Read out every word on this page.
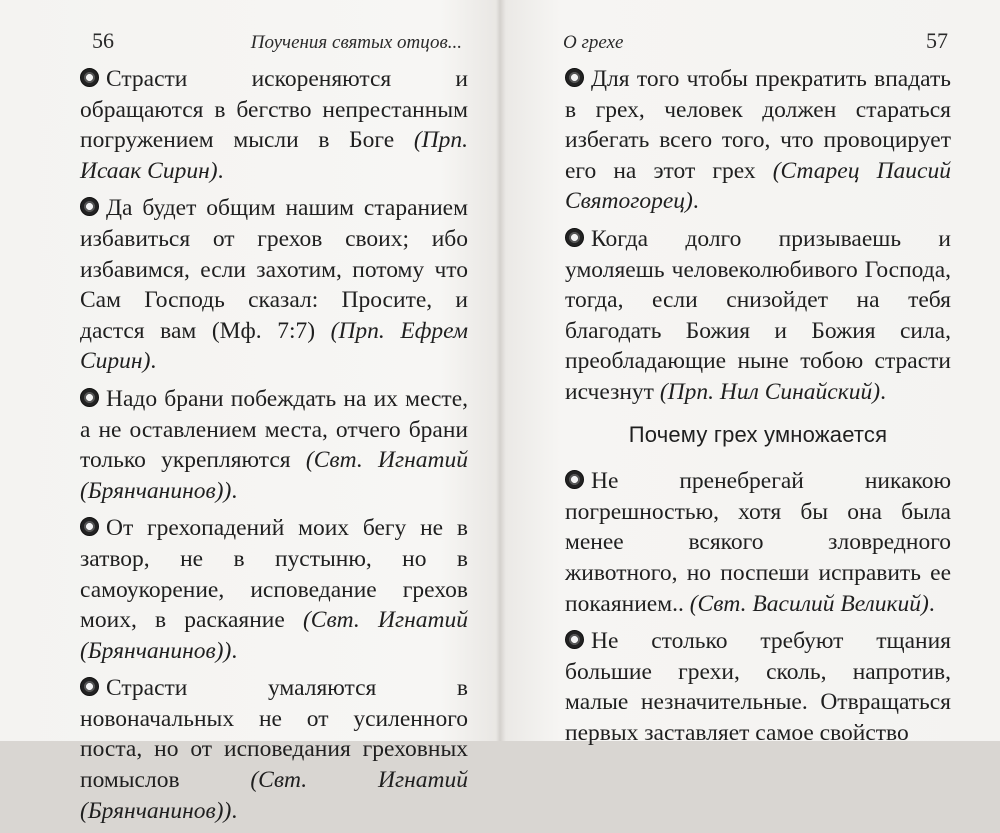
56	Поучения святых отцов...

Страсти искореняются и обращаются в бегство непрестанным погружением мысли в Боге (Прп. Исаак Сирин).

Да будет общим нашим старанием избавиться от грехов своих; ибо избавимся, если захотим, потому что Сам Господь сказал: Просите, и дастся вам (Мф. 7:7) (Прп. Ефрем Сирин).

Надо брани побеждать на их месте, а не оставлением места, отчего брани только укрепляются (Свт. Игнатий (Брянчанинов)).

От грехопадений моих бегу не в затвор, не в пустыню, но в самоукорение, исповедание грехов моих, в раскаяние (Свт. Игнатий (Брянчанинов)).

Страсти умаляются в новоначальных не от усиленного поста, но от исповедания греховных помыслов (Свт. Игнатий (Брянчанинов)).

О грехе	57

Для того чтобы прекратить впадать в грех, человек должен стараться избегать всего того, что провоцирует его на этот грех (Старец Паисий Святогорец).

Когда долго призываешь и умоляешь человеколюбивого Господа, тогда, если снизойдет на тебя благодать Божия и Божия сила, преобладающие ныне тобою страсти исчезнут (Прп. Нил Синайский).

Почему грех умножается

Не пренебрегай никакою погрешностью, хотя бы она была менее всякого зловредного животного, но поспеши исправить ее покаянием.. (Свт. Василий Великий).

Не столько требуют тщания большие грехи, сколь, напротив, малые незначительные. Отвращаться первых заставляет самое свойство
